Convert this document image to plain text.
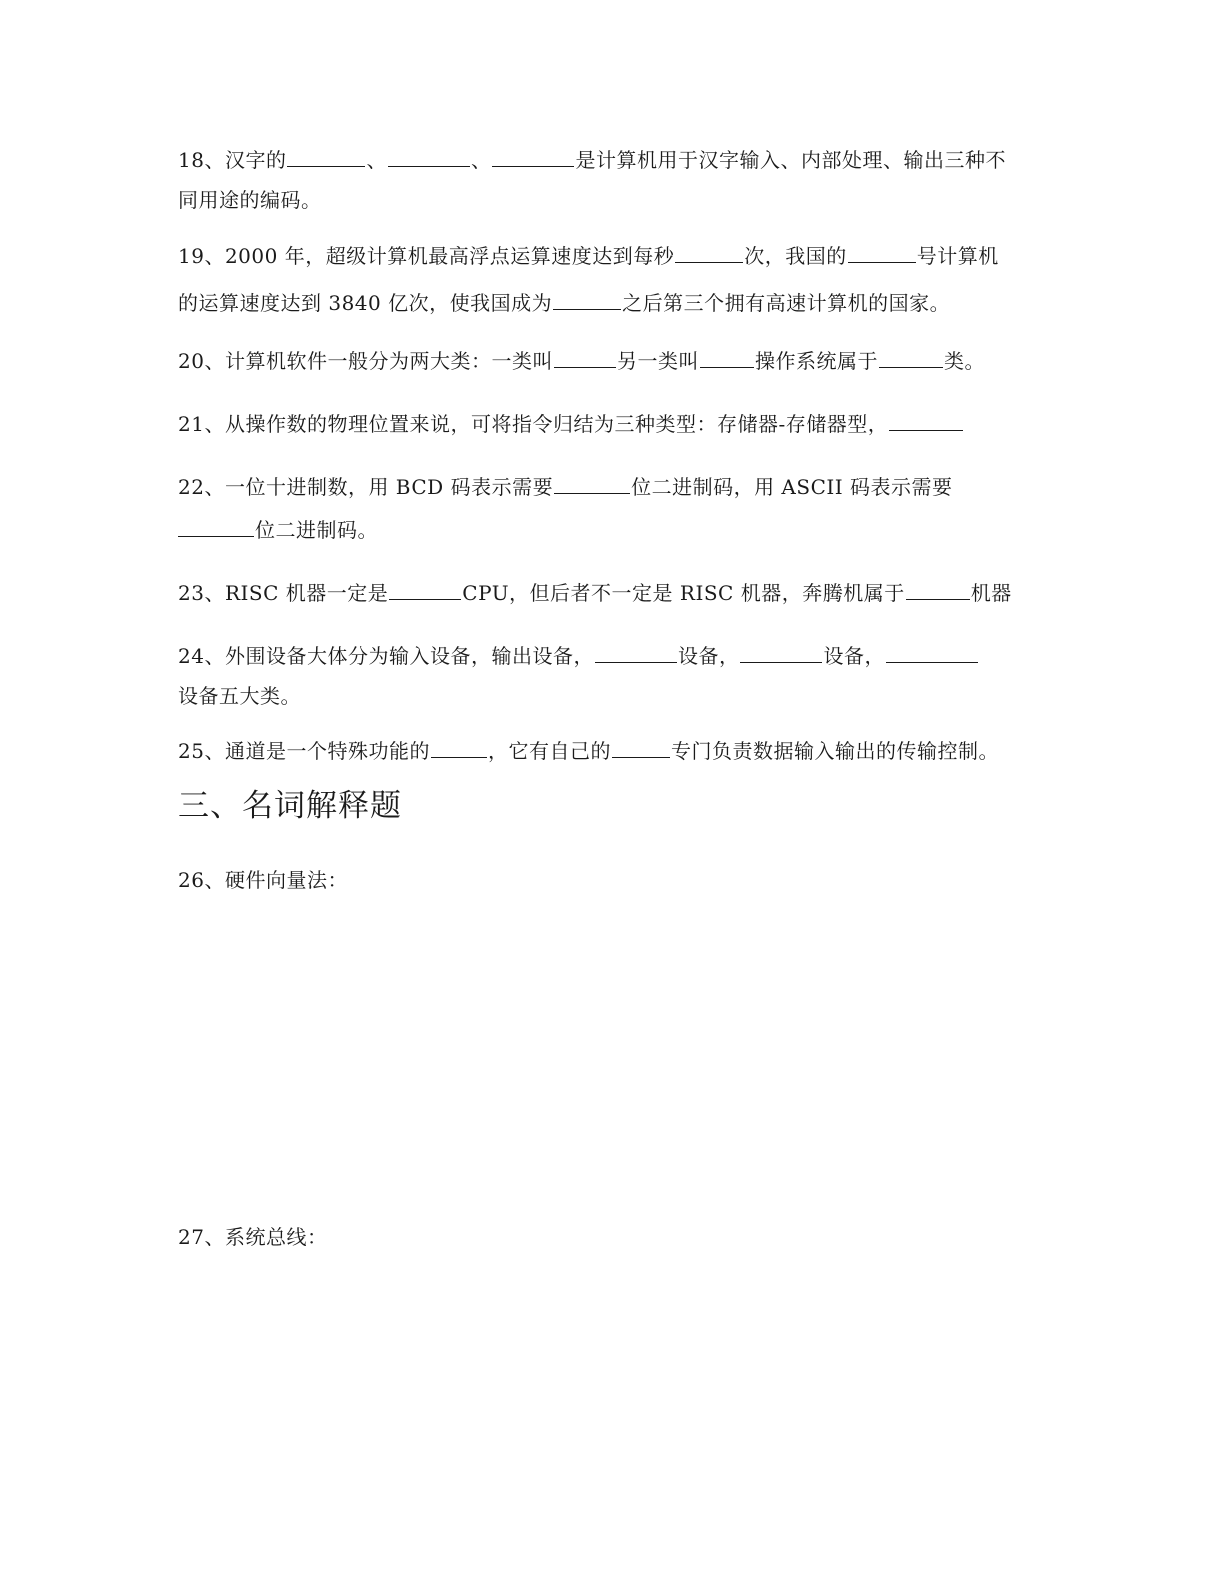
18、汉字的	、	、	是计算机用于汉字输入、内部处理、输出三种不
同用途的编码。
19、2000 年，超级计算机最高浮点运算速度达到每秒	次，我国的	号计算机
的运算速度达到 3840 亿次，使我国成为	之后第三个拥有高速计算机的国家。
20、计算机软件一般分为两大类：一类叫	另一类叫	操作系统属于	类。
21、从操作数的物理位置来说，可将指令归结为三种类型：存储器-存储器型，
22、一位十进制数，用 BCD 码表示需要	位二进制码，用 ASCII 码表示需要
位二进制码。
23、RISC 机器一定是	CPU，但后者不一定是 RISC 机器，奔腾机属于	机器
24、外围设备大体分为输入设备，输出设备，	设备，	设备，
设备五大类。
25、通道是一个特殊功能的	，它有自己的	专门负责数据输入输出的传输控制。
三、名词解释题
26、硬件向量法：
27、系统总线：
